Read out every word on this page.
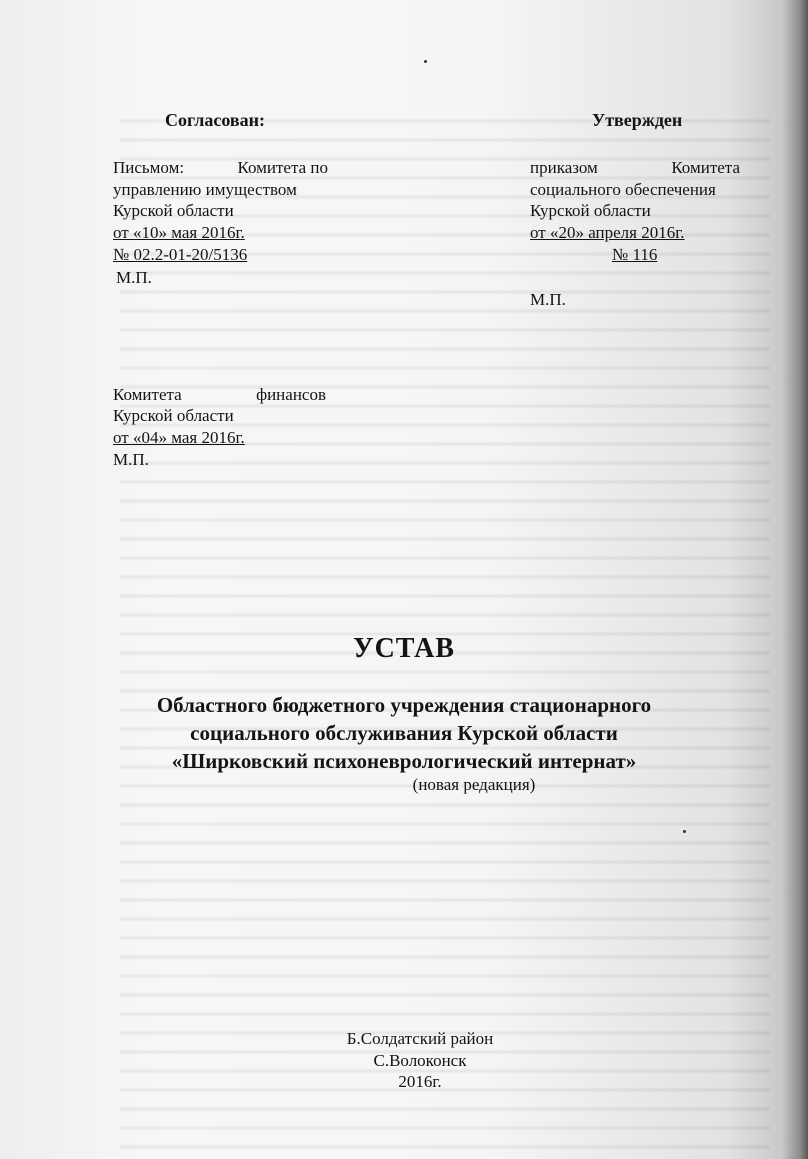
Согласован:
Письмом:	Комитета по
управлению имуществом
Курской области
от «10» мая 2016г.
№ 02.2-01-20/5136
М.П.
Утвержден
приказом	Комитета
социального обеспечения
Курской области
от «20» апреля 2016г.
№ 116
М.П.
Комитета	финансов
Курской области
от «04» мая 2016г.
М.П.
УСТАВ
Областного бюджетного учреждения стационарного
социального обслуживания Курской области
«Ширковский психоневрологический интернат»
(новая редакция)
Б.Солдатский район
С.Волоконск
2016г.
